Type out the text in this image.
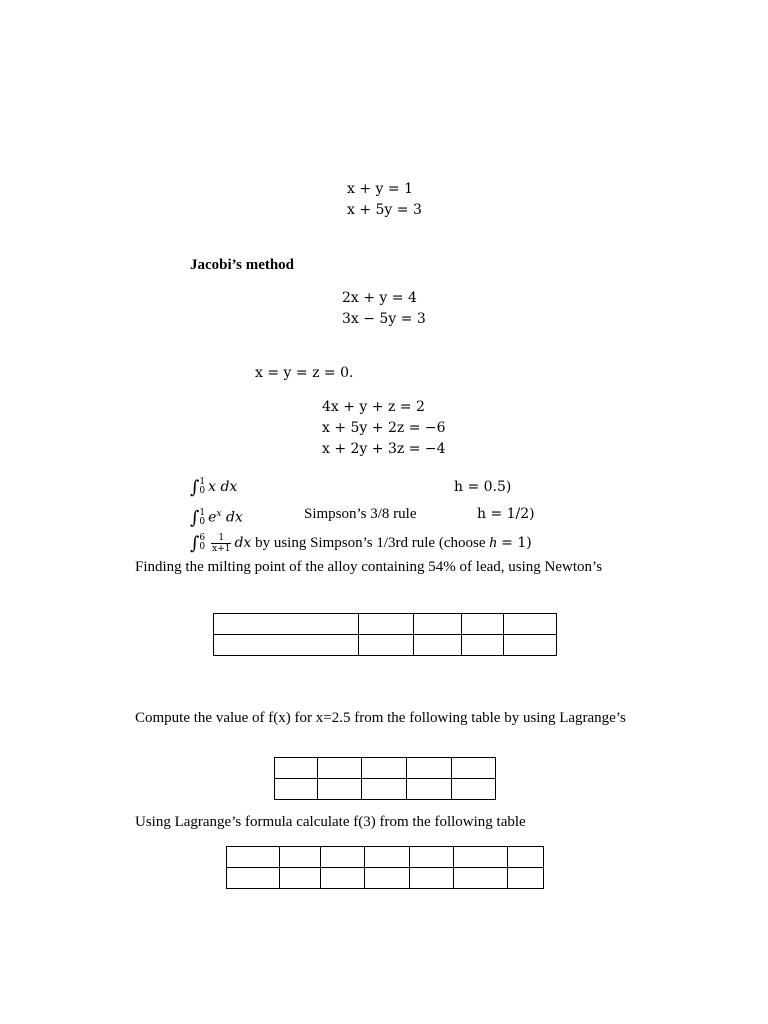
x + y = 1
x + 5y = 3
Jacobi’s method
2x + y = 4
3x − 5y = 3
x = y = z = 0.
4x + y + z = 2
x + 5y + 2z = −6
x + 2y + 3z = −4
∫ 1
0 x dx	h = 0.5)
∫ 1
0 $e^x$ dx	Simpson’s 3/8 rule	h = 1/2)
∫ 6
$0 \frac{1}{x+1}$ dx by using Simpson’s 1/3rd rule (choose h = 1)
Finding the milting point of the alloy containing 54% of lead, using Newton’s

Compute the value of f(x) for x=2.5 from the following table by using Lagrange’s

Using Lagrange’s formula calculate f(3) from the following table
